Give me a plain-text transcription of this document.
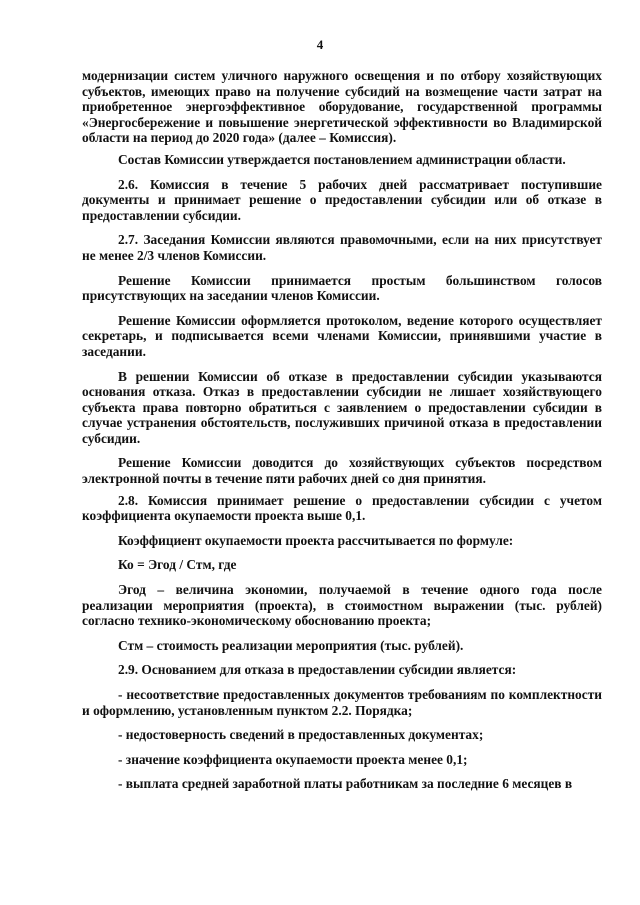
4

модернизации систем уличного наружного освещения и по отбору хозяйствующих субъектов, имеющих право на получение субсидий на возмещение части затрат на приобретенное энергоэффективное оборудование, государственной программы «Энергосбережение и повышение энергетической эффективности во Владимирской области на период до 2020 года» (далее – Комиссия).

Состав Комиссии утверждается постановлением администрации области.

2.6. Комиссия в течение 5 рабочих дней рассматривает поступившие документы и принимает решение о предоставлении субсидии или об отказе в предоставлении субсидии.

2.7. Заседания Комиссии являются правомочными, если на них присутствует не менее 2/3 членов Комиссии.

Решение Комиссии принимается простым большинством голосов присутствующих на заседании членов Комиссии.

Решение Комиссии оформляется протоколом, ведение которого осуществляет секретарь, и подписывается всеми членами Комиссии, принявшими участие в заседании.

В решении Комиссии об отказе в предоставлении субсидии указываются основания отказа. Отказ в предоставлении субсидии не лишает хозяйствующего субъекта права повторно обратиться с заявлением о предоставлении субсидии в случае устранения обстоятельств, послуживших причиной отказа в предоставлении субсидии.

Решение Комиссии доводится до хозяйствующих субъектов посредством электронной почты в течение пяти рабочих дней со дня принятия.

2.8. Комиссия принимает решение о предоставлении субсидии с учетом коэффициента окупаемости проекта выше 0,1.

Коэффициент окупаемости проекта рассчитывается по формуле:

Ко = Эгод / Стм, где

Эгод – величина экономии, получаемой в течение одного года после реализации мероприятия (проекта), в стоимостном выражении (тыс. рублей) согласно технико-экономическому обоснованию проекта;

Стм – стоимость реализации мероприятия (тыс. рублей).

2.9. Основанием для отказа в предоставлении субсидии является:

- несоответствие предоставленных документов требованиям по комплектности и оформлению, установленным пунктом 2.2. Порядка;

- недостоверность сведений в предоставленных документах;

- значение коэффициента окупаемости проекта менее 0,1;

- выплата средней заработной платы работникам за последние 6 месяцев в
